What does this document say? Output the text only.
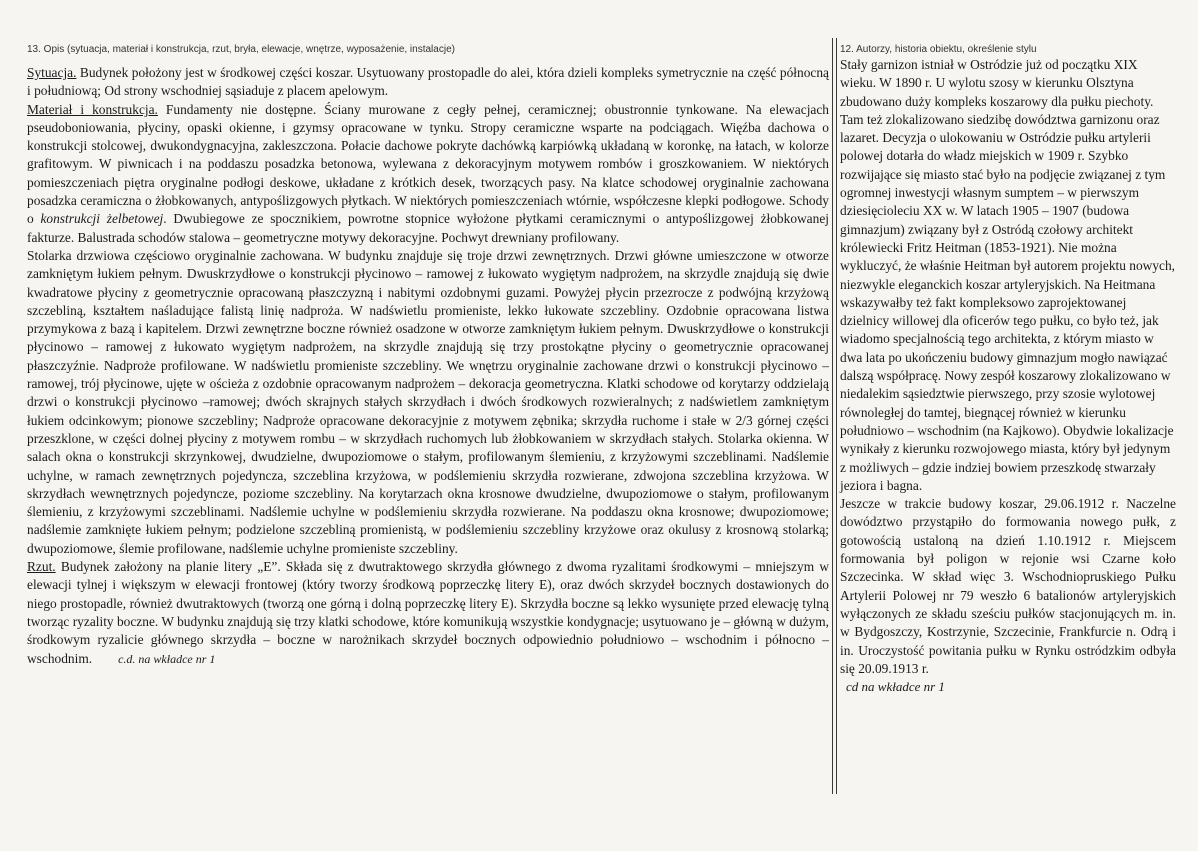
13. Opis (sytuacja, materiał i konstrukcja, rzut, bryła, elewacje, wnętrze, wyposażenie, instalacje)	12. Autorzy, historia obiektu, określenie stylu

Sytuacja. Budynek położony jest w środkowej części koszar. Usytuowany prostopadle do alei, która dzieli kompleks symetrycznie na część północną i południową; Od strony wschodniej sąsiaduje z placem apelowym.

Materiał i konstrukcja. Fundamenty nie dostępne. Ściany murowane z cegły pełnej, ceramicznej; obustronnie tynkowane. Na elewacjach pseudoboniowania, płyciny, opaski okienne, i gzymsy opracowane w tynku. Stropy ceramiczne wsparte na podciągach. Więźba dachowa o konstrukcji stolcowej, dwukondygnacyjna, zakleszczona. Połacie dachowe pokryte dachówką karpiówką układaną w koronkę, na łatach, w kolorze grafitowym. W piwnicach i na poddaszu posadzka betonowa, wylewana z dekoracyjnym motywem rombów i groszkowaniem. W niektórych pomieszczeniach piętra oryginalne podłogi deskowe, układane z krótkich desek, tworzących pasy. Na klatce schodowej oryginalnie zachowana posadzka ceramiczna o żłobkowanych, antypoślizgowych płytkach. W niektórych pomieszczeniach wtórnie, współczesne klepki podłogowe. Schody o konstrukcji żelbetowej. Dwubiegowe ze spocznikiem, powrotne stopnice wyłożone płytkami ceramicznymi o antypoślizgowej żłobkowanej fakturze. Balustrada schodów stalowa – geometryczne motywy dekoracyjne. Pochwyt drewniany profilowany.

Stolarka drzwiowa częściowo oryginalnie zachowana. W budynku znajduje się troje drzwi zewnętrznych. Drzwi główne umieszczone w otworze zamkniętym łukiem pełnym. Dwuskrzydłowe o konstrukcji płycinowo – ramowej z łukowato wygiętym nadprożem, na skrzydle znajdują się dwie kwadratowe płyciny z geometrycznie opracowaną płaszczyzną i nabitymi ozdobnymi guzami. Powyżej płycin przezrocze z podwójną krzyżową szczebliną, kształtem naśladujące falistą linię nadproża. W nadświetlu promieniste, lekko łukowate szczebliny. Ozdobnie opracowana listwa przymykowa z bazą i kapitelem. Drzwi zewnętrzne boczne również osadzone w otworze zamkniętym łukiem pełnym. Dwuskrzydłowe o konstrukcji płycinowo – ramowej z łukowato wygiętym nadprożem, na skrzydle znajdują się trzy prostokątne płyciny o geometrycznie opracowanej płaszczyźnie. Nadproże profilowane. W nadświetlu promieniste szczebliny. We wnętrzu oryginalnie zachowane drzwi o konstrukcji płycinowo – ramowej, trój płycinowe, ujęte w ościeża z ozdobnie opracowanym nadprożem – dekoracja geometryczna. Klatki schodowe od korytarzy oddzielają drzwi o konstrukcji płycinowo –ramowej; dwóch skrajnych stałych skrzydłach i dwóch środkowych rozwieralnych; z nadświetlem zamkniętym łukiem odcinkowym; pionowe szczebliny; Nadproże opracowane dekoracyjnie z motywem zębnika; skrzydła ruchome i stałe w 2/3 górnej części przeszklone, w części dolnej płyciny z motywem rombu – w skrzydłach ruchomych lub żłobkowaniem w skrzydłach stałych. Stolarka okienna. W salach okna o konstrukcji skrzynkowej, dwudzielne, dwupoziomowe o stałym, profilowanym ślemieniu, z krzyżowymi szczeblinami. Nadślemie uchylne, w ramach zewnętrznych pojedyncza, szczeblina krzyżowa, w podślemieniu skrzydła rozwierane, zdwojona szczeblina krzyżowa. W skrzydłach wewnętrznych pojedyncze, poziome szczebliny. Na korytarzach okna krosnowe dwudzielne, dwupoziomowe o stałym, profilowanym ślemieniu, z krzyżowymi szczeblinami. Nadślemie uchylne w podślemieniu skrzydła rozwierane. Na poddaszu okna krosnowe; dwupoziomowe; nadślemie zamknięte łukiem pełnym; podzielone szczebliną promienistą, w podślemieniu szczebliny krzyżowe oraz okulusy z krosnową stolarką; dwupoziomowe, ślemie profilowane, nadślemie uchylne promieniste szczebliny.

Rzut. Budynek założony na planie litery „E”. Składa się z dwutraktowego skrzydła głównego z dwoma ryzalitami środkowymi – mniejszym w elewacji tylnej i większym w elewacji frontowej (który tworzy środkową poprzeczkę litery E), oraz dwóch skrzydeł bocznych dostawionych do niego prostopadle, również dwutraktowych (tworzą one górną i dolną poprzeczkę litery E). Skrzydła boczne są lekko wysunięte przed elewację tylną tworząc ryzality boczne. W budynku znajdują się trzy klatki schodowe, które komunikują wszystkie kondygnacje; usytuowano je – główną w dużym, środkowym ryzalicie głównego skrzydła – boczne w narożnikach skrzydeł bocznych odpowiednio południowo – wschodnim i północno – wschodnim. c.d. na wkładce nr 1

Stały garnizon istniał w Ostródzie już od początku XIX wieku. W 1890 r. U wylotu szosy w kierunku Olsztyna zbudowano duży kompleks koszarowy dla pułku piechoty. Tam też zlokalizowano siedzibę dowództwa garnizonu oraz lazaret. Decyzja o ulokowaniu w Ostródzie pułku artylerii polowej dotarła do władz miejskich w 1909 r. Szybko rozwijające się miasto stać było na podjęcie związanej z tym ogromnej inwestycji własnym sumptem – w pierwszym dziesięcioleciu XX w. W latach 1905 – 1907 (budowa gimnazjum) związany był z Ostródą czołowy architekt królewiecki Fritz Heitman (1853-1921). Nie można wykluczyć, że właśnie Heitman był autorem projektu nowych, niezwykle eleganckich koszar artyleryjskich. Na Heitmana wskazywałby też fakt kompleksowo zaprojektowanej dzielnicy willowej dla oficerów tego pułku, co było też, jak wiadomo specjalnością tego architekta, z którym miasto w dwa lata po ukończeniu budowy gimnazjum mogło nawiązać dalszą współpracę. Nowy zespół koszarowy zlokalizowano w niedalekim sąsiedztwie pierwszego, przy szosie wylotowej równoległej do tamtej, biegnącej również w kierunku południowo – wschodnim (na Kajkowo). Obydwie lokalizacje wynikały z kierunku rozwojowego miasta, który był jedynym z możliwych – gdzie indziej bowiem przeszkodę stwarzały jeziora i bagna.

Jeszcze w trakcie budowy koszar, 29.06.1912 r. Naczelne dowództwo przystąpiło do formowania nowego pułk, z gotowością ustaloną na dzień 1.10.1912 r. Miejscem formowania był poligon w rejonie wsi Czarne koło Szczecinka. W skład więc 3. Wschodniopruskiego Pułku Artylerii Polowej nr 79 weszło 6 batalionów artyleryjskich wyłączonych ze składu sześciu pułków stacjonujących m. in. w Bydgoszczy, Kostrzynie, Szczecinie, Frankfurcie n. Odrą i in. Uroczystość powitania pułku w Rynku ostródzkim odbyła się 20.09.1913 r.

cd na wkładce nr 1
